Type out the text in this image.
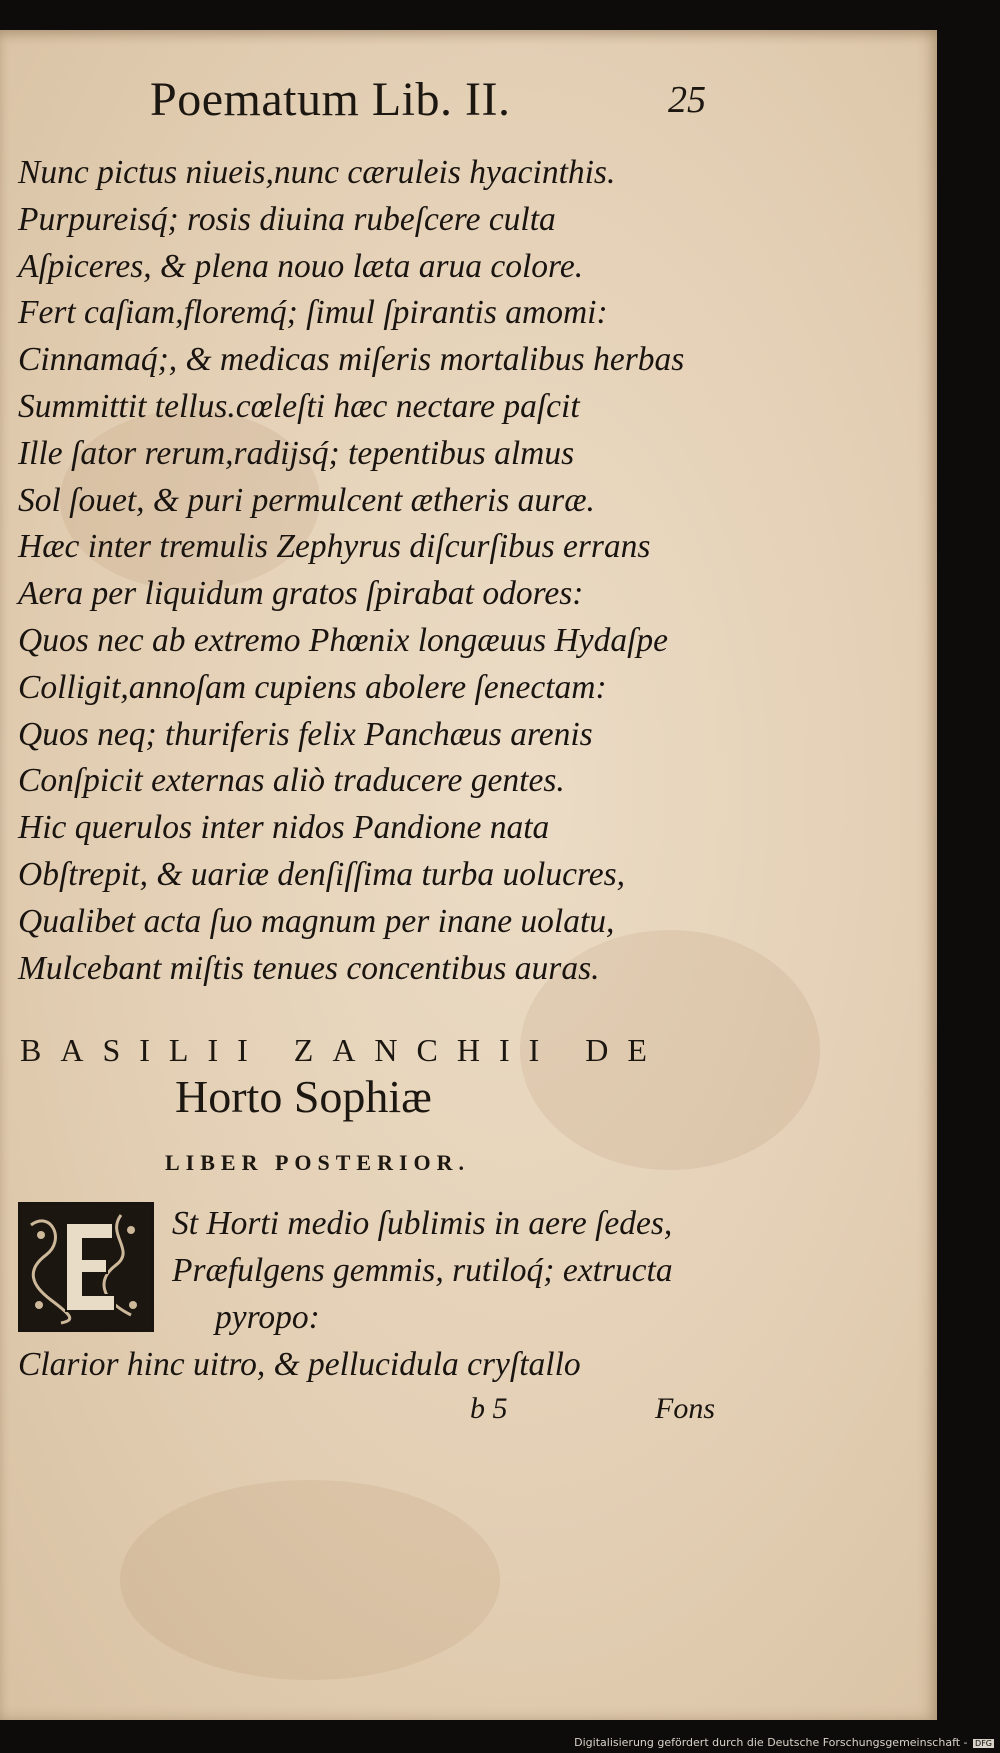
Poematum Lib. II.	25
Nunc pictus niueis,nunc cæruleis hyacinthis.
Purpureisq́; rosis diuina rubeſcere culta
Aſpiceres, & plena nouo læta arua colore.
Fert caſiam,floremq́; ſimul ſpirantis amomi:
Cinnamaq́;, & medicas miſeris mortalibus herbas
Summittit tellus.cœleſti hæc nectare paſcit
Ille ſator rerum,radijsq́; tepentibus almus
Sol ſouet, & puri permulcent ætheris auræ.
Hæc inter tremulis Zephyrus diſcurſibus errans
Aera per liquidum gratos ſpirabat odores:
Quos nec ab extremo Phœnix longæuus Hydaſpe
Colligit,annoſam cupiens abolere ſenectam:
Quos neq; thuriferis felix Panchæus arenis
Conſpicit externas aliò traducere gentes.
Hic querulos inter nidos Pandione nata
Obſtrepit, & uariæ denſiſſima turba uolucres,
Qualibet acta ſuo magnum per inane uolatu,
Mulcebant miſtis tenues concentibus auras.
BASILII ZANCHII DE
Horto Sophiæ
LIBER POSTERIOR.
St Horti medio ſublimis in aere ſedes,
Præfulgens gemmis, rutiloq́; extructa
pyropo:
Clarior hinc uitro, & pellucidula cryſtallo
b 5	Fons
Digitalisierung gefördert durch die Deutsche Forschungsgemeinschaft - DFG
